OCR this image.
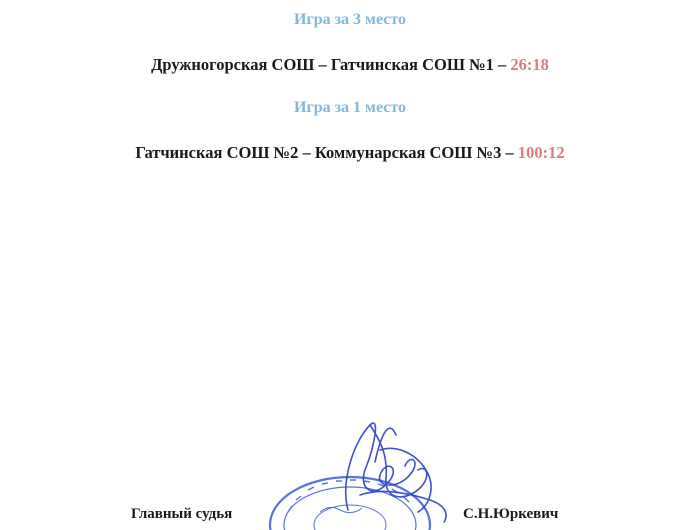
Игра за 3 место
Дружногорская СОШ – Гатчинская СОШ №1 – 26:18
Игра за 1 место
Гатчинская СОШ №2 – Коммунарская СОШ №3 – 100:12
Главный судья	С.Н.Юркевич
